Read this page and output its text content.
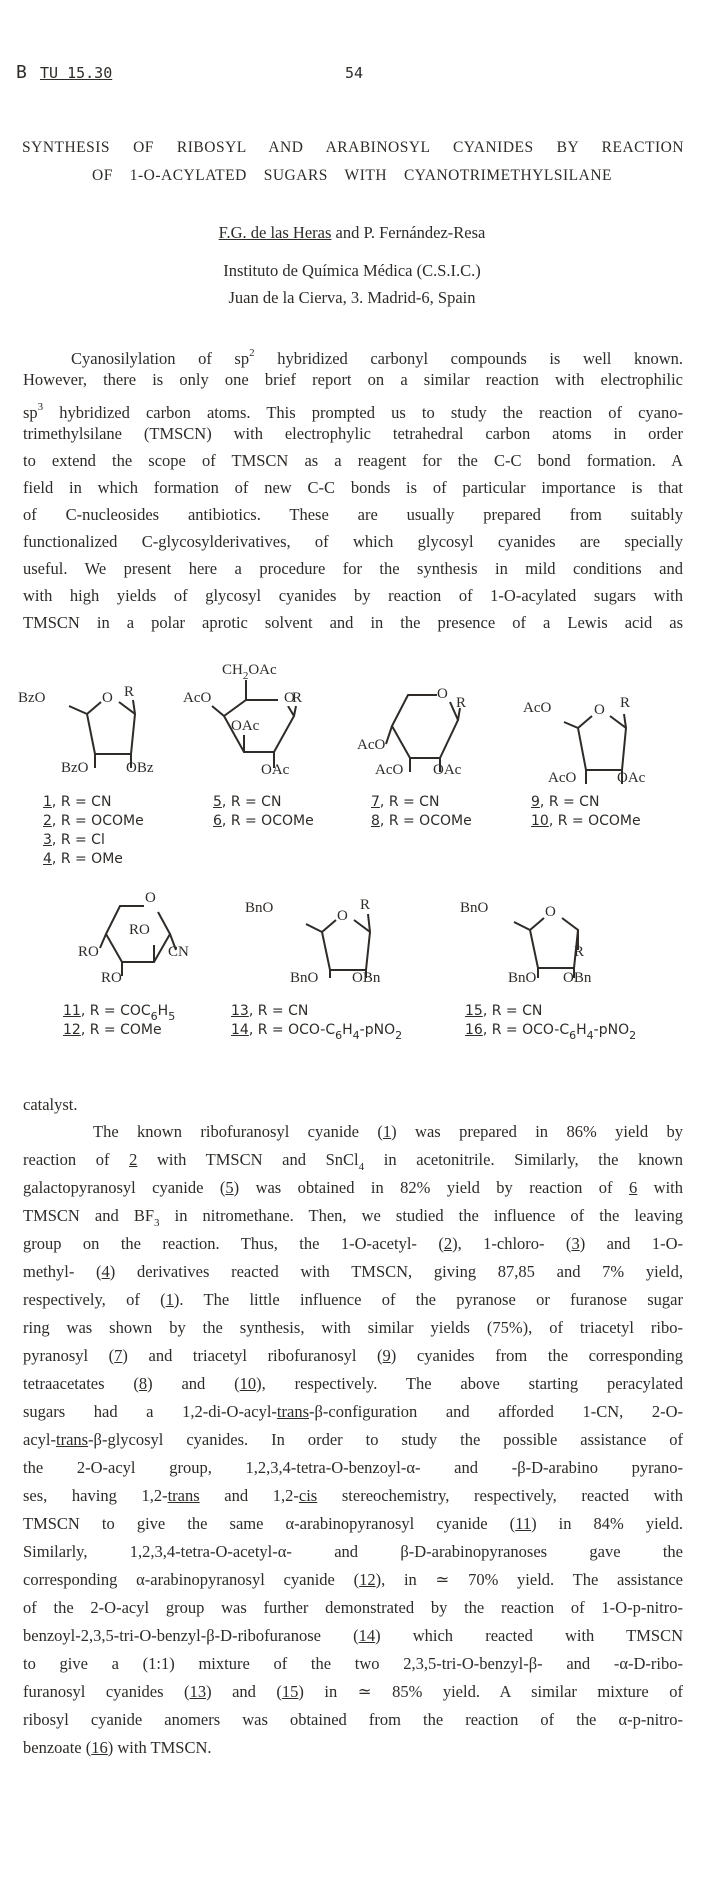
B TU 15.30	54
SYNTHESIS OF RIBOSYL AND ARABINOSYL CYANIDES BY REACTION
OF 1-O-ACYLATED SUGARS WITH CYANOTRIMETHYLSILANE
F.G. de las Heras and P. Fernández-Resa
Instituto de Química Médica (C.S.I.C.)
Juan de la Cierva, 3. Madrid-6, Spain
Cyanosilylation of $sp^2$ hybridized carbonyl compounds is well known.
However, there is only one brief report on a similar reaction with electrophilic
$sp^3$ hybridized carbon atoms. This prompted us to study the reaction of cyano-
trimethylsilane (TMSCN) with electrophylic tetrahedral carbon atoms in order
to extend the scope of TMSCN as a reagent for the C-C bond formation. A
field in which formation of new C-C bonds is of particular importance is that
of C-nucleosides antibiotics. These are usually prepared from suitably
functionalized C-glycosylderivatives, of which glycosyl cyanides are specially
useful. We present here a procedure for the synthesis in mild conditions and
with high yields of glycosyl cyanides by reaction of 1-O-acylated sugars with
TMSCN in a polar aprotic solvent and in the presence of a Lewis acid as
catalyst.
The known ribofuranosyl cyanide (1) was prepared in 86% yield by
reaction of 2 with TMSCN and SnCl$_4$ in acetonitrile. Similarly, the known
galactopyranosyl cyanide (5) was obtained in 82% yield by reaction of 6 with
TMSCN and $BF_3$ in nitromethane. Then, we studied the influence of the leaving
group on the reaction. Thus, the 1-O-acetyl- (2), 1-chloro- (3) and 1-O-
methyl- (4) derivatives reacted with TMSCN, giving 87,85 and 7% yield,
respectively, of (1). The little influence of the pyranose or furanose sugar
ring was shown by the synthesis, with similar yields (75%), of triacetyl ribo-
pyranosyl (7) and triacetyl ribofuranosyl (9) cyanides from the corresponding
tetraacetates (8) and (10), respectively. The above starting peracylated
sugars had a 1,2-di-O-acyl-trans-β-configuration and afforded 1-CN, 2-O-
acyl-trans-β-glycosyl cyanides. In order to study the possible assistance of
the 2-O-acyl group, 1,2,3,4-tetra-O-benzoyl-α- and -β-D-arabino pyrano-
ses, having 1,2-trans and 1,2-cis stereochemistry, respectively, reacted with
TMSCN to give the same α-arabinopyranosyl cyanide (11) in 84% yield.
Similarly, 1,2,3,4-tetra-O-acetyl-α- and β-D-arabinopyranoses gave the
corresponding α-arabinopyranosyl cyanide (12), in ≃ 70% yield. The assistance
of the 2-O-acyl group was further demonstrated by the reaction of 1-O-p-nitro-
benzoyl-2,3,5-tri-O-benzyl-β-D-ribofuranose (14) which reacted with TMSCN
to give a (1:1) mixture of the two 2,3,5-tri-O-benzyl-β- and -α-D-ribo-
furanosyl cyanides (13) and (15) in ≃ 85% yield. A similar mixture of
ribosyl cyanide anomers was obtained from the reaction of the α-p-nitro-
benzoate (16) with TMSCN.
BzO	O R
BzO	OBz
1, R = CN
2, R = OCOMe
3, R = Cl
4, R = OMe
$CH_2OAc$
AcO	O
R
OAc
OAc
5, R = CN
6, R = OCOMe
O
R
AcO
AcO OAc
7, R = CN
8, R = OCOMe
AcO	O R
AcO	OAc
9, R = CN
10, R = OCOMe
O
RO
RO	CN
RO
11, $R = COC_6H_5$
12, R = COMe
BnO	O
R
BnO OBn
13, R = CN
14, R = OCO-$C_6H_4-pNO_2$
BnO	O
R
BnO OBn
15, R = CN
16, R = OCO-$C_6H_4-pNO_2$
